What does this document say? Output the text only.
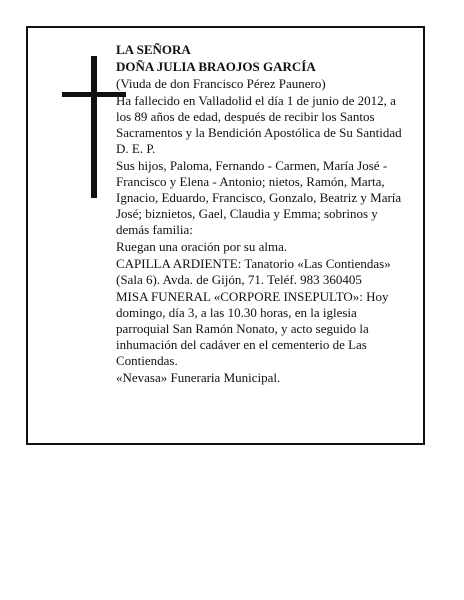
LA SEÑORA

DOÑA JULIA BRAOJOS GARCÍA

(Viuda de don Francisco Pérez Paunero)

Ha fallecido en Valladolid el día 1 de junio de 2012, a los 89 años de edad, después de recibir los Santos Sacramentos y la Bendición Apostólica de Su Santidad D. E. P.

Sus hijos, Paloma, Fernando - Carmen, María José - Francisco y Elena - Antonio; nietos, Ramón, Marta, Ignacio, Eduardo, Francisco, Gonzalo, Beatriz y María José; biznietos, Gael, Claudia y Emma; sobrinos y demás familia:

Ruegan una oración por su alma.

CAPILLA ARDIENTE: Tanatorio «Las Contiendas» (Sala 6). Avda. de Gijón, 71. Teléf. 983 360405

MISA FUNERAL «CORPORE INSEPULTO»: Hoy domingo, día 3, a las 10.30 horas, en la iglesia parroquial San Ramón Nonato, y acto seguido la inhumación del cadáver en el cementerio de Las Contiendas.

«Nevasa» Funeraria Municipal.
